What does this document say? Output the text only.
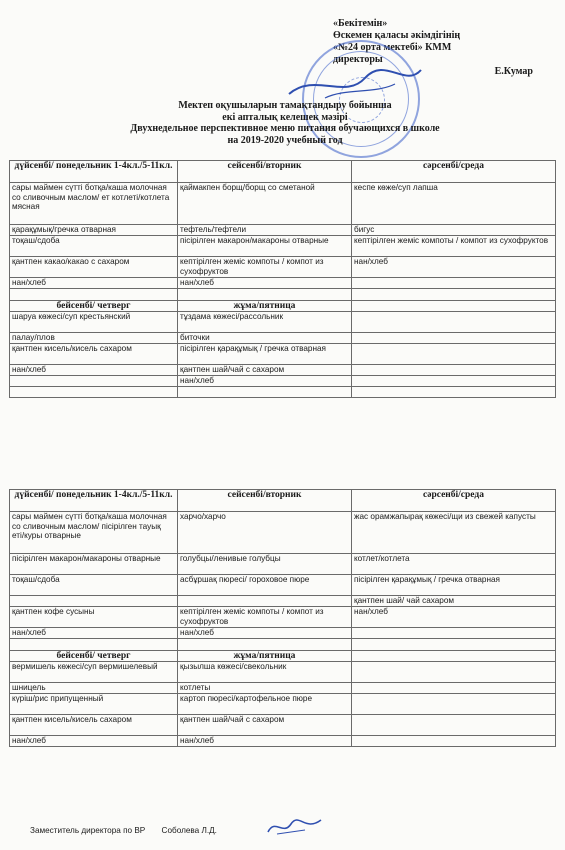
«Бекітемін»
Өскемен қаласы әкімдігінің
«№24 орта мектебі» КММ
директоры
Е.Кумар
Мектеп оқушыларын тамақтандыру бойынша
екі апталық келешек мәзірі
Двухнедельное перспективное меню питания обучающихся в школе
на 2019-2020 учебный год
дүйсенбі/ понедельник 1-4кл./5-11кл.	сейсенбі/вторник	сәрсенбі/среда
сары маймен сүтті ботқа/каша молочная со сливочным маслом/ ет котлеті/котлета мясная	қаймакпен борщ/борщ со сметаной	кеспе көже/суп лапша
қарақұмық/гречка отварная	тефтель/тефтели	бигус
тоқаш/сдоба	пісірілген макарон/макароны отварные	кептірілген жеміс компоты / компот из сухофруктов
қантпен какао/какао с сахаром	кептірілген жеміс компоты / компот из сухофруктов	нан/хлеб
нан/хлеб	нан/хлеб	

бейсенбі/ четверг	жұма/пятница	
шаруа көжесі/суп крестьянский	тұздама көжесі/рассольник	
палау/плов	биточки	
қантпен кисель/кисель сахаром	пісірілген қарақұмық / гречка отварная	
нан/хлеб	қантпен шай/чай с сахаром	
	нан/хлеб	

дүйсенбі/ понедельник 1-4кл./5-11кл.	сейсенбі/вторник	сәрсенбі/среда
сары маймен сүтті ботқа/каша молочная со сливочным маслом/ пісірілген тауық еті/куры отварные	харчо/харчо	жас орамжапырақ көжесі/щи из свежей капусты
пісірілген макарон/макароны отварные	голубцы/ленивые голубцы	котлет/котлета
тоқаш/сдоба	асбұршақ пюресі/ гороховое пюре	пісірілген қарақұмық / гречка отварная
		қантпен шай/ чай сахаром
қантпен кофе сусыны	кептірілген жеміс компоты / компот из сухофруктов	нан/хлеб
нан/хлеб	нан/хлеб	

бейсенбі/ четверг	жұма/пятница	
вермишель көжесі/суп вермишелевый	қызылша көжесі/свекольник	
шницель	котлеты	
күріш/рис припущенный	картоп пюресі/картофельное пюре	
қантпен кисель/кисель сахаром	қантпен шай/чай с сахаром	
нан/хлеб	нан/хлеб	
Заместитель директора по ВР Соболева Л.Д.
